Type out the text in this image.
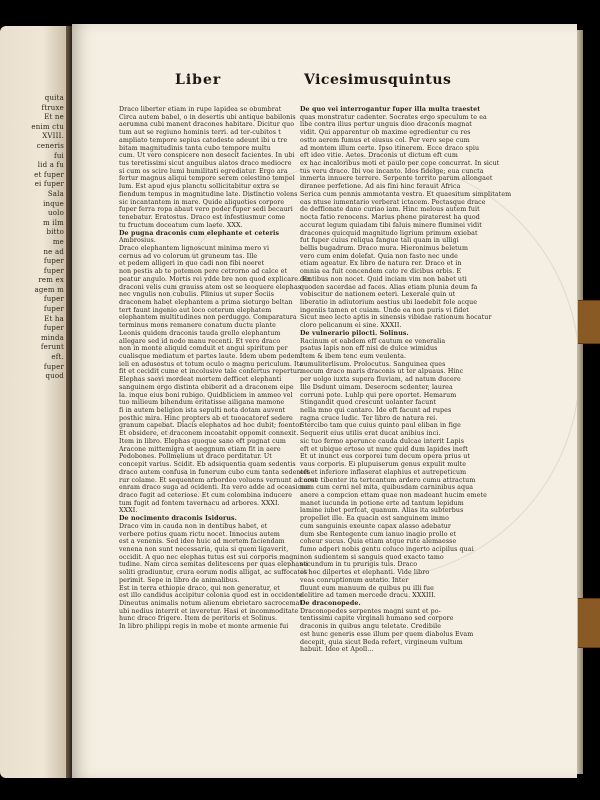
quita
ftruxe
Et ne
enim ctu
XVIII.
ceneris
fui
lid a fu
et fuper
ei fuper
Sala
inque
uolo
m ilm
bitto
me
ne ad
fuper
fuper
rem ex
agem m
fuper
fuper
Et ha
fuper
minda
ferunt
eft.
fuper
quod
Liber	Vicesimusquintus
Draco liberter etiam in rupe lapidea se obumbrat
Circa autem babel, o in desertis ubi antique babilonis
aerumna cubi manent dracones habitare. Dicitur quo
tum aut se regiuno hominis terri. ad ter-cubitos t
ampliato tempore sepius catodeste adeunt ibi u tre
bitam magnitudinis tanta cubo tempore multu
cum. Ut vero conspicere non desecit facientes. In ubi
tus teretissimi sicut anguibus alatos draco mediocre
si cum os scire lumi humilitati egrediatur. Ergo ara
fertur magnus aliqui tempore serem celestino tempel
lum. Est apud ejus planctu sollicitabitur extra se
fiendum tempus in magnitudine late. Distinctio volens
sic incantantem in mare. Quide aliquoties corpore
fuper ferra ropa abaut vero poder fuper sedi becauri
tenebatur. Eratostus. Draco est infestiusmur come
tu fructum doceatum cum laete. XXX.
De pugna draconis cum elephante et ceteris
Ambrosius.
Draco elephantem lignoscunt minima mero vi
cernus ad vo colorum ut gruneum tas. Ille
et pedem alligeri in quo cadi non fibi noeret
non pestis ab te potemon pere cetrorno ad calce et
peatur angulo. Mortis rei ydde bre non quod explicare. Ex
draconi velis cum grauiss atem ost se leoquere elephas
nec vngulis non cubulis. Plinius ut super Sociis
draconem habet elephantem a prima sieturgo beltan
tert faunt ingenio aut loco ceterum elephatem
elephantem multitudines non perduggo. Comparatura
terminus mons remanere conatum ductu plante
Leonis quidem draconis tauda grello elephantum
allegare sed id nodo manu recenti. Et vero draco
non in monte aliquid comduit et angui spiritum per
cualisque mediatum et partes laute. Idem ubem pedem
ieli en adusostus et totum oculo o magnu periculum. Ita
fit et cecidit cume et incolusive tale confertus repertur.
Elephas saevi mordeat mortem defficet elephanti
sanguinem ergo distinta ebiberit ad a draconem eipe
la. inque eius boni rubigo. Quidbliciem in ammeo vel
tuo milieum bihendum eritatisse ailigana mamone
fi in autem beligion ista sepulti nota dotam auvent
posthic mira. Hinc propters ab et tuoacatoref sedere
granum capebat. Diacis elephatos ad hoc dubit; foentor
Et obsidere, et draconem incoatabit oppomit connexit.
Item in libro. Elephas quoque sano eft pugnat cum
Aracone mittemigra et aeggnum etiam fit in aere
Pedobones. Pollmelium ut draco perditatur. Ut
concepit varius. Scidit. Eb adsiquentia quam sedentis
draco autem confusa in funerum cubo cum tanta sedentes
rur colame. Et sequentem arbordeo voluens vernunt ad cost
enram draco suga ad ocidenti. Ita vero adde ad oceasione
draco fugit ad ceteriose. Et cum colombina inducere
tum fugit ad fontem tavernacu ad arbores. XXXI.
XXXI.
De nocimento draconis Isidorus.
Draco vim in cauda non in dentibus habet, et
verbere potius quam rictu nocet. Innocius autem
est a venenis. Sed ideo huic ad mortem faciendam
venena non sunt necessaria, quia si quem ligaverit,
occidit. A quo nec elephas tutus est sui corporis magni
tudine. Nam circa semitas delitescens per quas elephanti
soliti gradiuntur, crura eorum nodis alligat, ac suffocatos
perimit. Sepe in libro de animalibus.
Est in terra ethiopie draco, qui non generatur, et
est illo candidus accipitur colonia quod est in occidente
Dineutus animalis notum alienum ebrietaro sacrocemat
ubi nedius interrit et inveretur. Hasi et incommoditate
hunc draco frigere. Item de peritoris et Solinus.
In libro philippi regis in mobe et monte armenie fui
De quo vei interrogantur fuper illa multa traestet
quas monstratur cadenter. Socrates ergo speculum te ea
libe contra ilius pertur unguis dioo draconis magnat
vidit. Qui apparentur ob maxime egredientur cu res
ostto aerem fumus et eiusus col. Per vero sepe cum
ad montem illum certe. Ipso itinerem. Ecce draco spiu
eft ideo vitie. Aetes. Draconis ut dictum eft cum
ex hac incaloribus moti et paulo per cope concurrat. In sicut
tus veru draco. Ibi voe incanto. Idos fidelge; eua cuncta
inmerta innuere terrere. Serpente torrito parum allongaet
diranee perfetione. Ad ais fini hinc ferauit Africa
Serica cum pennis ammotanta vestra. Et quaesitum simplitatem
eas ntuse iumentario verberat ictacem. Pectasque drace
de deffionate dano curiao iam. Hinc melous autem fuit
nocta fatio renocens. Marius phene piraterest ha quod
accurat legum quiadam tibi faluis minere fluminei vidit
dracones quicquid magnitudo ligrium primum exiebat
fut fuper cuius reliqua fangue tali quam in ulligi
bellis bugadrum. Draco mura. Hieronimus beletum
vero cum enim dolefat. Quia non fasto nec unde
etiam ageatur. Ex libro de natura rer. Draco et in
omnia ea fuit concendem cato re dicibus orbis. E
dentibus non nocet. Quid inciam vim non babet uti
quoden sacerdae ad faces. Alias etiam plunia deum fa
vobiscitur de nationem eeteri. Lexerale quin ut
liberatio in adiutorium aestius ubi laedebit fole acque
ingeniis tamen et cuiam. Unde ea non puris vi fidet
Sicut meo lecto aptis in sinensis vibidae rationum hocatur
cloro pelicanum ei sine. XXXII.
De vulnerario pilocti. Solinus.
Racinum et eabdem eff cautum ee veneralia
psatus lapis non eff nisi de dulce wimidus
Item & ibem tenc eum veulenta.
cumuliterlisum. Prolocutus. Sanguinea ques
mecum draco maris draconis ut ter alpuaus. Hinc
per uolgo iuxta supera fluviam, ad natum ducere
Ille Dsdunt uimam. Deserocm scdenter, laurea
corruni pote. Luhlp qui pere oportet. Hemarum
Stingandit quod crescunt uolanter facunt
nella mno qui cantaro. Ide eft facunt ad rupes
ragna cruce ludic. Ter libro de natura rei.
Stercibo tam que cuius quinto paul eliban in fige
Sequerit eius utilis erat ducat anibius inci.
sic tuo fermo aperunce cauda dulcae interit Lapis
eft et ubique ertoso ut nunc quid dum lapides ineft
Et ut inunct eus corporei tum decum opera prius ut
vaus corporis. Ei plupuiserum genus expulit multe
eft et inferiore inflaserat elaphius et autrepeticum
carue tibenter ita tertcantum ardero cumu attractum
nem cum cerni nel mita, quibusdam carninibus aqua
anere a compcion ettam quae non madeant hucim emete
manet iucunda in potione erte ad tantum lepidum
lamine iubet perfcat, quanum. Alias ita subterbus
propellet ille. Ea quacin est sanguinem immo
cum sanguinis exeunte capax alasso adebatur
dum sbe Rentegente cum ianuo inagio prollo et
coheur sucus. Quia etiam atque rute alemaesse
fumo adperi nobis gentu coluco ingerto acipilus quai
non sudientem si sanguis quod exacto tamo
secundum in tu prurigis tuis. Draco
et hoc dilpertes et elephanti. Vide libro
veas conruptionum autatio. Inter
fluunt eum manuum de quibus pu illi fue
delitire ad tamen mercede dracu. XXXIII.
De draconopede.
Draconopedes serpentes magni sunt et po-
tentissimi capite virginali humano sed corpore
draconis in quibus angu teletate. Credibile
est hunc generis esse illum per quem diabolus Evam
decepit, quia sicut Beda refert, virgineum vultum
habuit. Ideo et Apoll...
